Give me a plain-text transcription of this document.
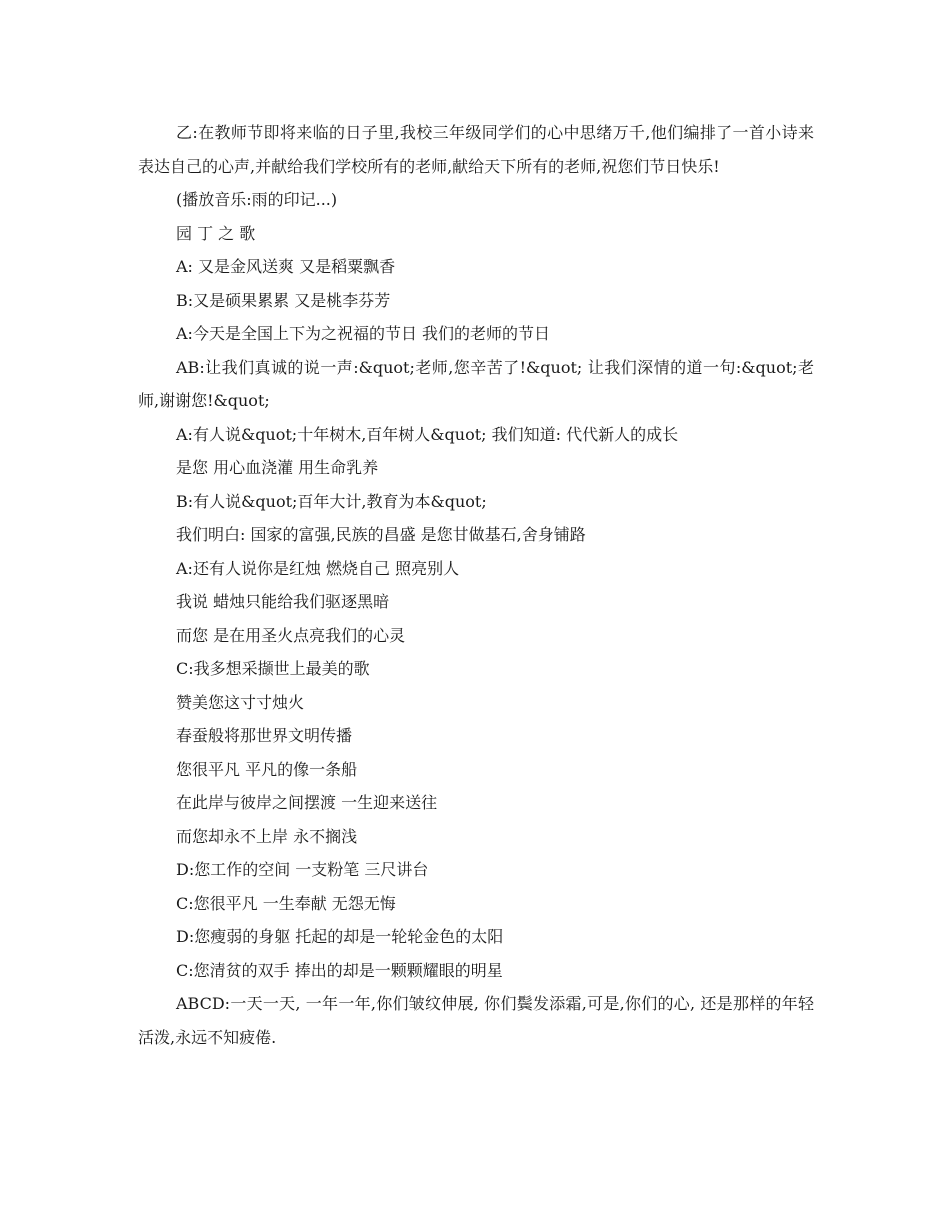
乙:在教师节即将来临的日子里,我校三年级同学们的心中思绪万千,他们编排了一首小诗来表达自己的心声,并献给我们学校所有的老师,献给天下所有的老师,祝您们节日快乐!

(播放音乐:雨的印记...)

园 丁 之 歌

A: 又是金风送爽 又是稻粟飘香

B:又是硕果累累 又是桃李芬芳

A:今天是全国上下为之祝福的节日 我们的老师的节日

AB:让我们真诚的说一声:&quot;老师,您辛苦了!&quot; 让我们深情的道一句:&quot;老师,谢谢您!&quot;

A:有人说&quot;十年树木,百年树人&quot; 我们知道: 代代新人的成长

是您 用心血浇灌 用生命乳养

B:有人说&quot;百年大计,教育为本&quot;

我们明白: 国家的富强,民族的昌盛 是您甘做基石,舍身铺路

A:还有人说你是红烛 燃烧自己 照亮别人

我说 蜡烛只能给我们驱逐黑暗

而您 是在用圣火点亮我们的心灵

C:我多想采撷世上最美的歌

赞美您这寸寸烛火

春蚕般将那世界文明传播

您很平凡 平凡的像一条船

在此岸与彼岸之间摆渡 一生迎来送往

而您却永不上岸 永不搁浅

D:您工作的空间 一支粉笔 三尺讲台

C:您很平凡 一生奉献 无怨无悔

D:您瘦弱的身躯 托起的却是一轮轮金色的太阳

C:您清贫的双手 捧出的却是一颗颗耀眼的明星

ABCD:一天一天, 一年一年,你们皱纹伸展, 你们鬓发添霜,可是,你们的心, 还是那样的年轻活泼,永远不知疲倦.
